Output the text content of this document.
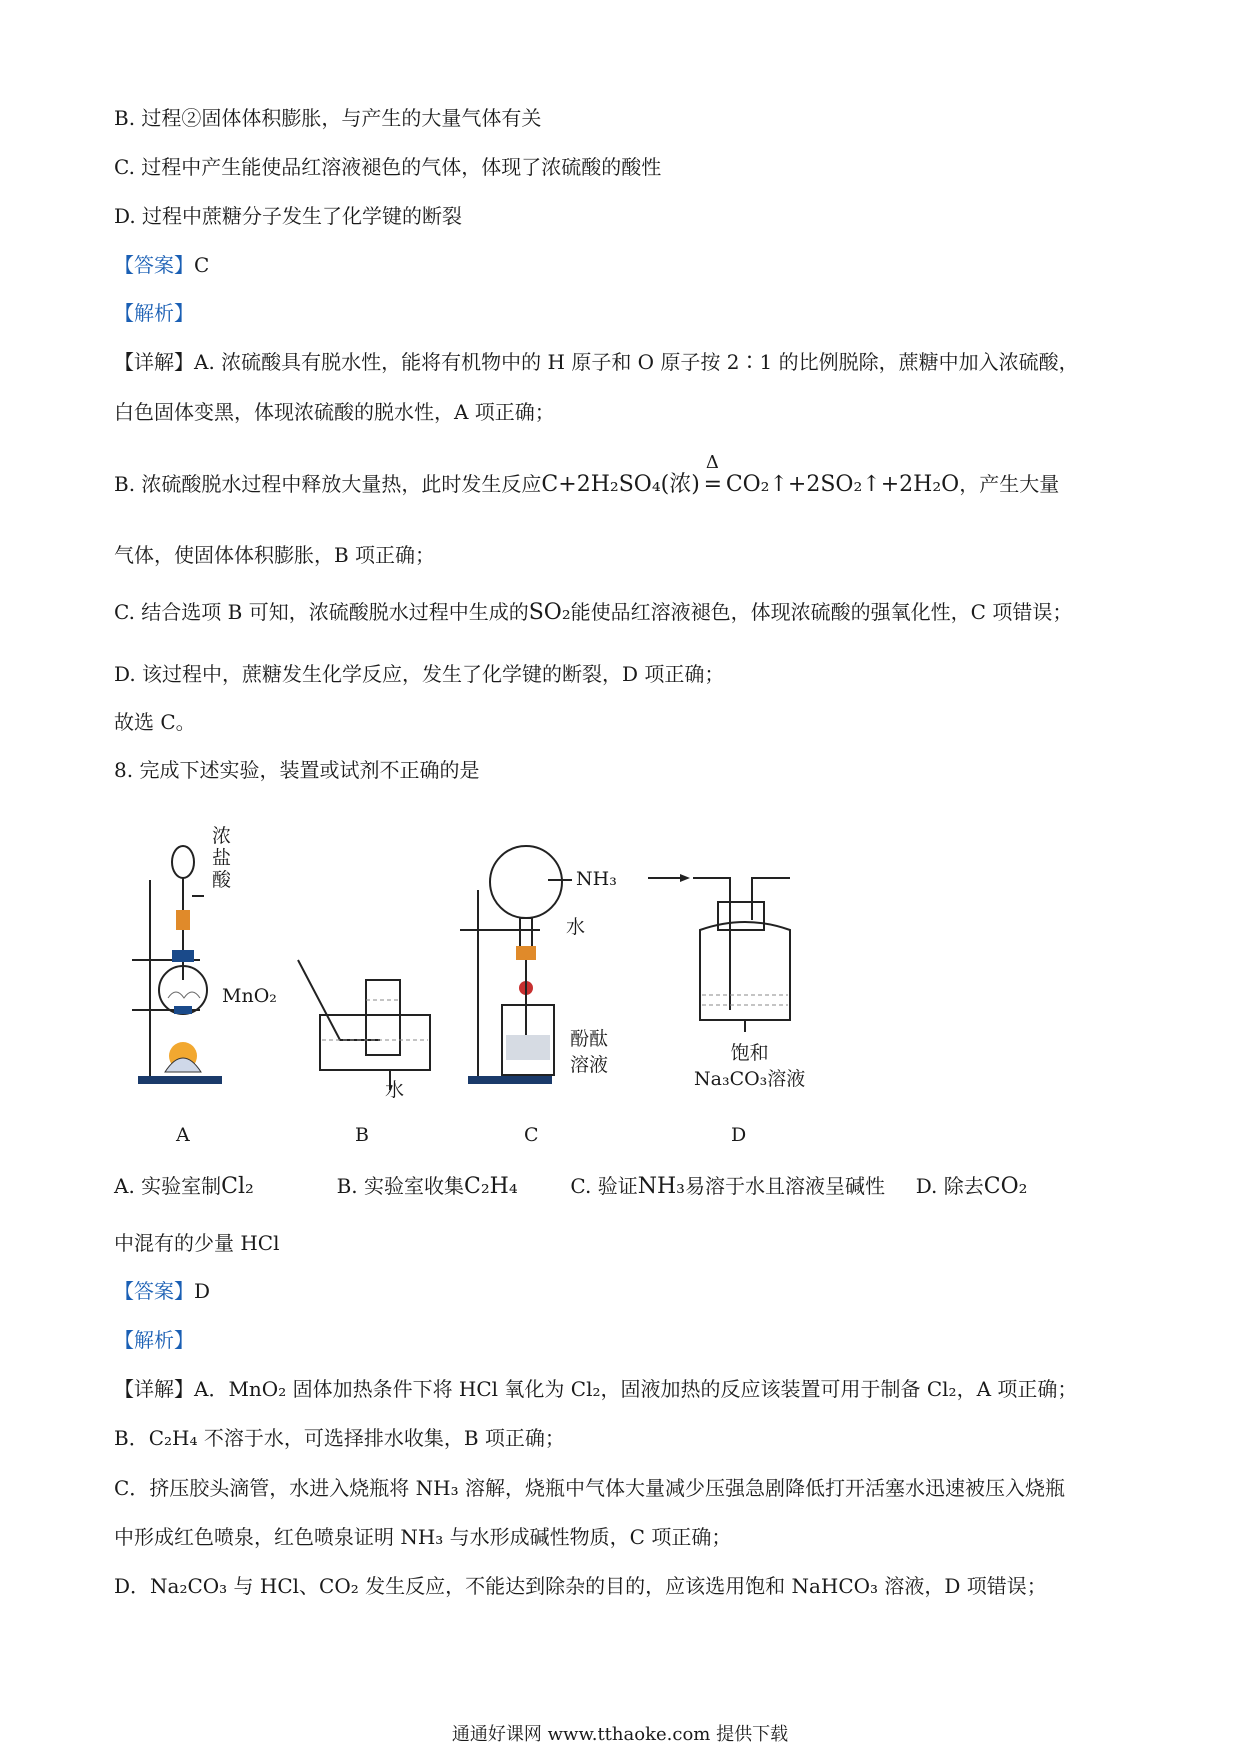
B. 过程②固体体积膨胀，与产生的大量气体有关
C. 过程中产生能使品红溶液褪色的气体，体现了浓硫酸的酸性
D. 过程中蔗糖分子发生了化学键的断裂
【答案】C
【解析】
【详解】A. 浓硫酸具有脱水性，能将有机物中的 H 原子和 O 原子按 2∶1 的比例脱除，蔗糖中加入浓硫酸，
白色固体变黑，体现浓硫酸的脱水性，A 项正确；
B. 浓硫酸脱水过程中释放大量热，此时发生反应C+2H₂SO₄(浓)
Δ
= CO₂↑+2SO₂↑+2H₂O，产生大量
气体，使固体体积膨胀，B 项正确；
C. 结合选项 B 可知，浓硫酸脱水过程中生成的SO₂能使品红溶液褪色，体现浓硫酸的强氧化性，C 项错误；
D. 该过程中，蔗糖发生化学反应，发生了化学键的断裂，D 项正确；
故选 C。
8. 完成下述实验，装置或试剂不正确的是
浓
盐
酸
MnO₂
水
NH₃
水
酚酞
溶液
饱和
Na₃CO₃溶液
A	B	C	D
A. 实验室制Cl₂	B. 实验室收集C₂H₄	C. 验证NH₃易溶于水且溶液呈碱性 D. 除去CO₂
中混有的少量 HCl
【答案】D
【解析】
【详解】A．MnO₂ 固体加热条件下将 HCl 氧化为 Cl₂，固液加热的反应该装置可用于制备 Cl₂，A 项正确；
B．C₂H₄ 不溶于水，可选择排水收集，B 项正确；
C．挤压胶头滴管，水进入烧瓶将 NH₃ 溶解，烧瓶中气体大量减少压强急剧降低打开活塞水迅速被压入烧瓶
中形成红色喷泉，红色喷泉证明 NH₃ 与水形成碱性物质，C 项正确；
D．Na₂CO₃ 与 HCl、CO₂ 发生反应，不能达到除杂的目的，应该选用饱和 NaHCO₃ 溶液，D 项错误；
通通好课网 www.tthaoke.com 提供下载
